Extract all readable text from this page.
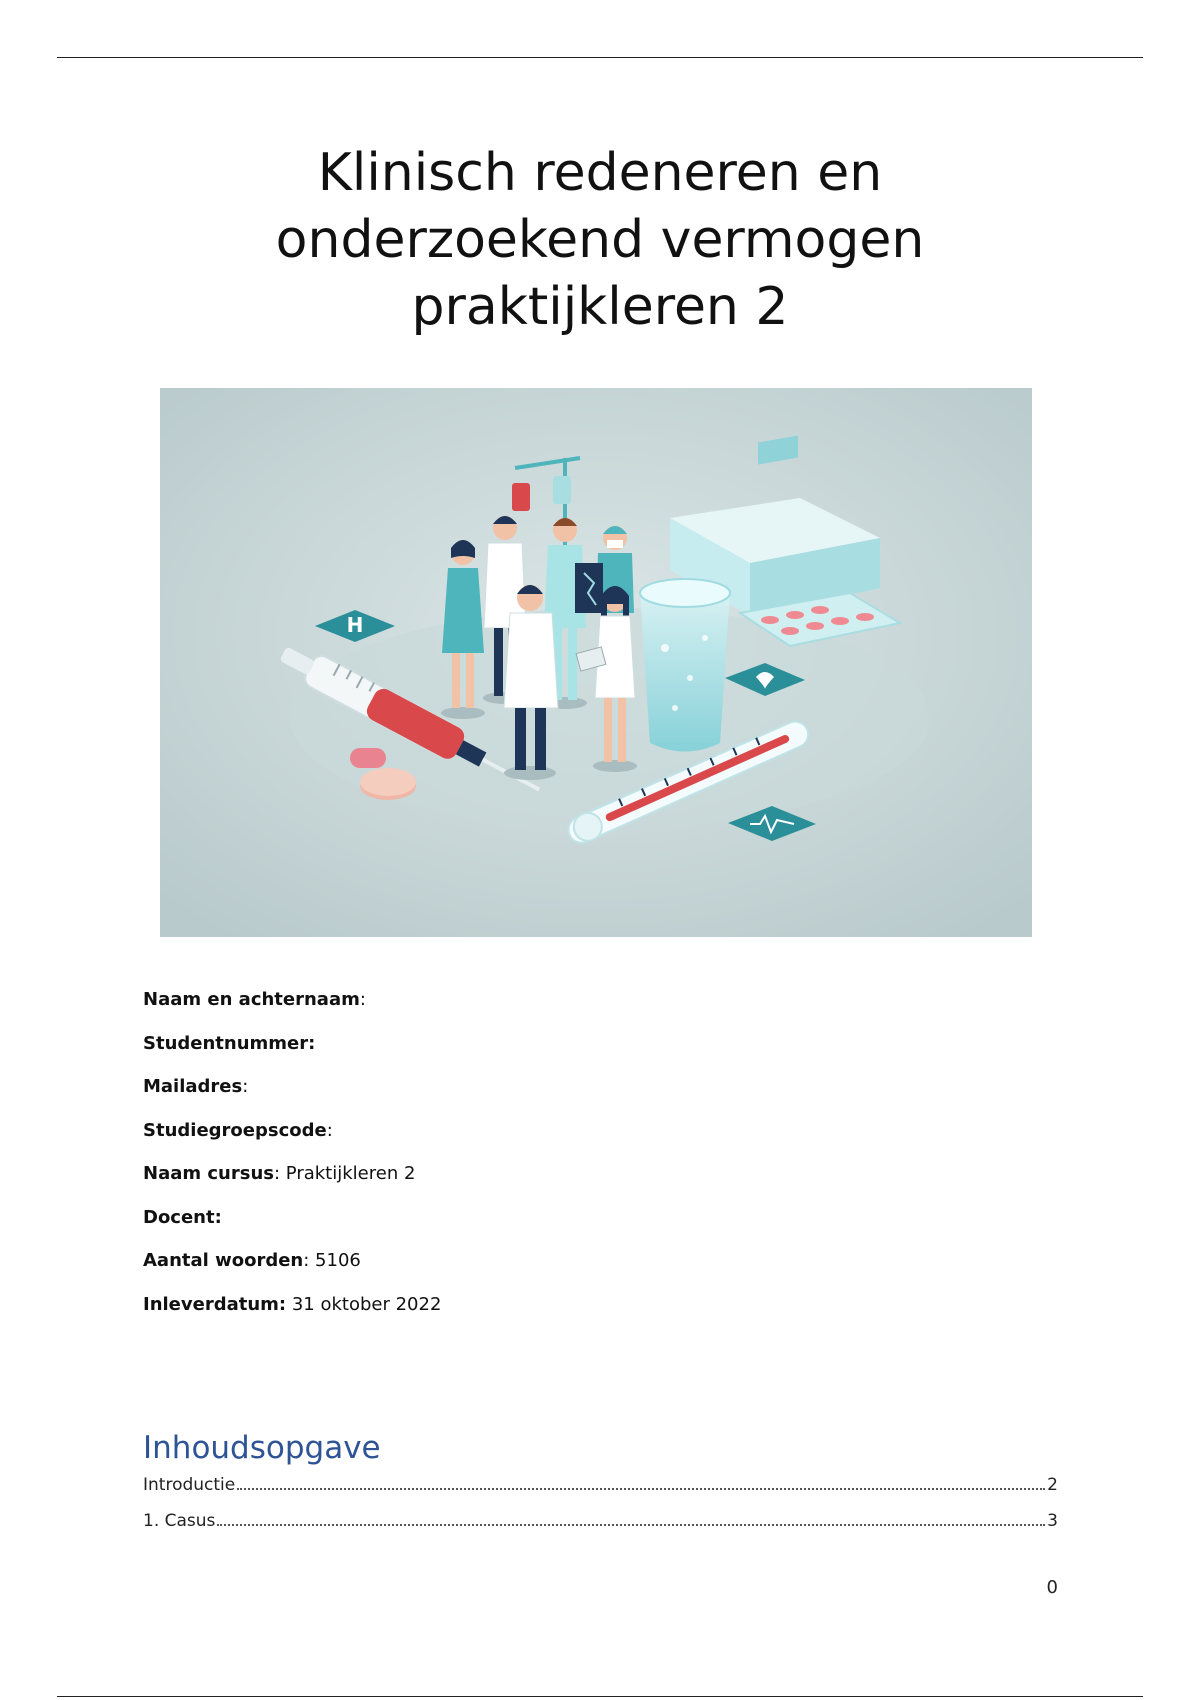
Klinisch redeneren en
onderzoekend vermogen
praktijkleren 2
H
Naam en achternaam:
Studentnummer:
Mailadres:
Studiegroepscode:
Naam cursus: Praktijkleren 2
Docent:
Aantal woorden: 5106
Inleverdatum: 31 oktober 2022
Inhoudsopgave
Introductie	2
1. Casus	3
0
